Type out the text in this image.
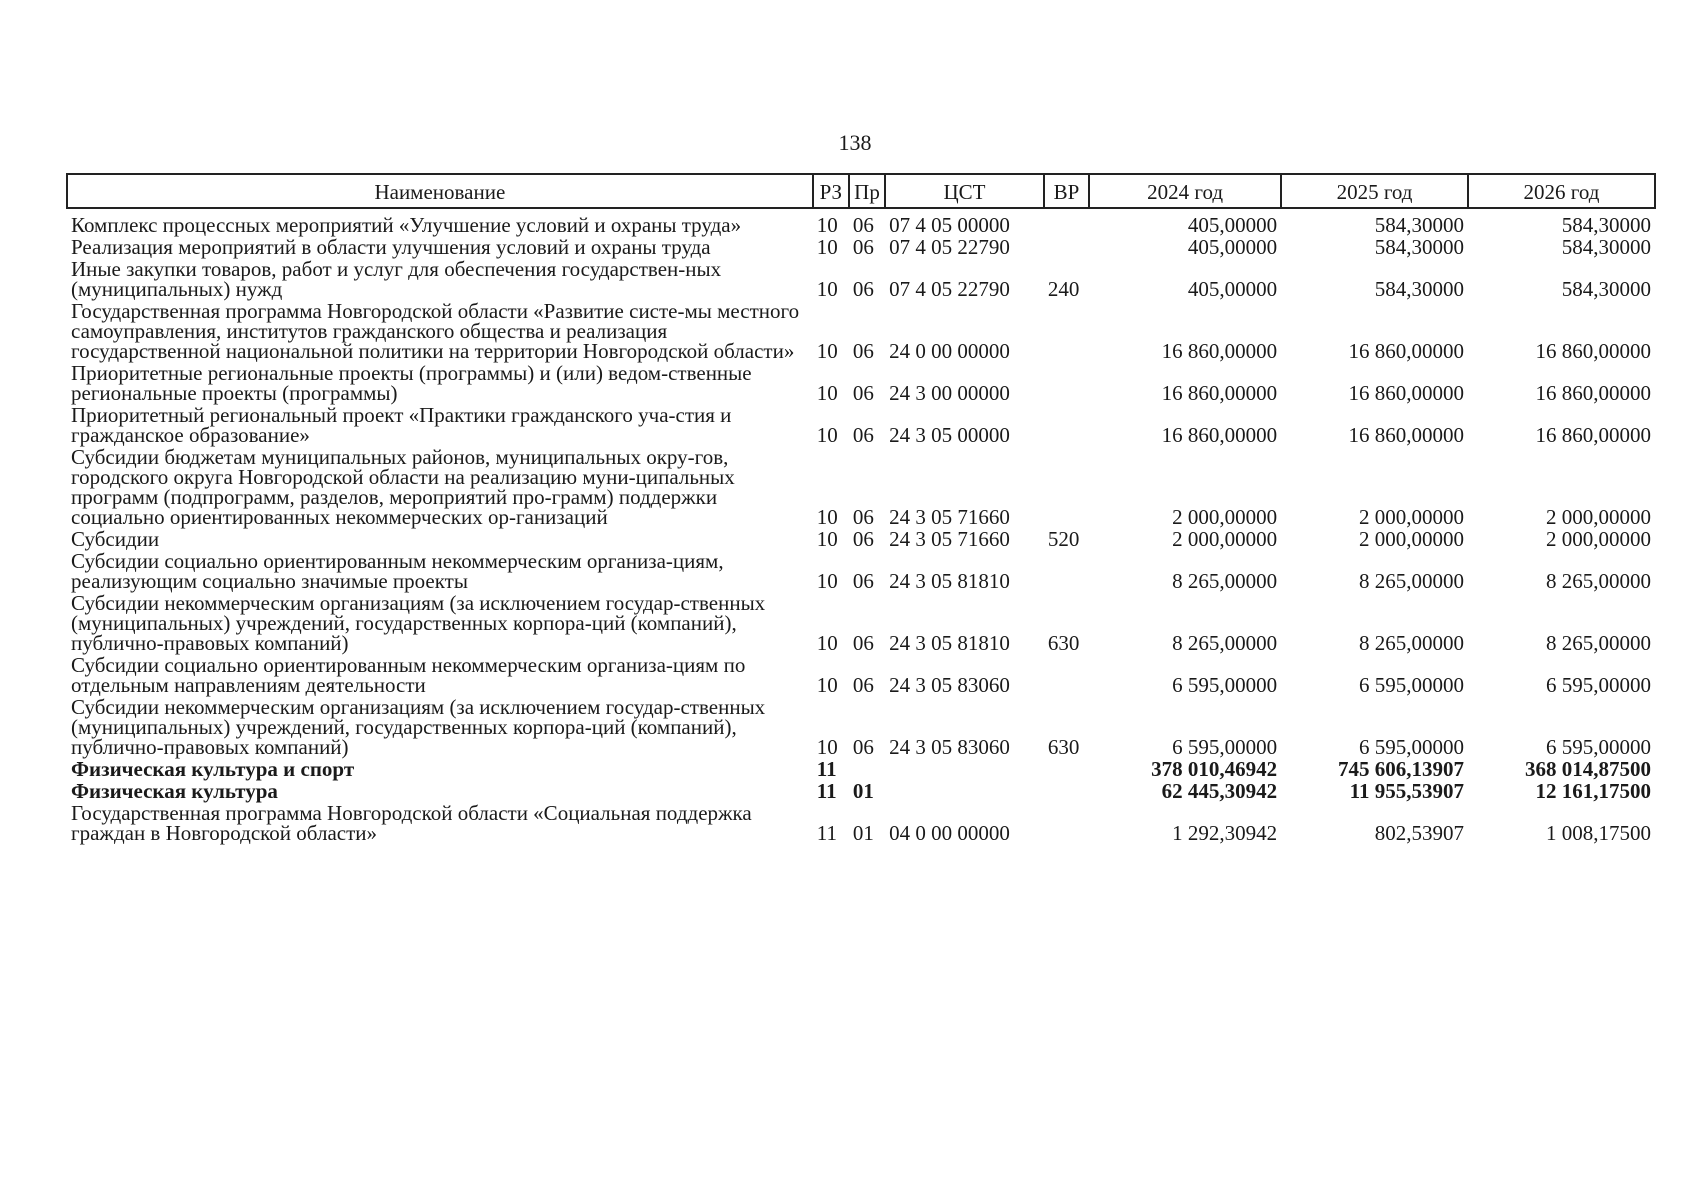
138
Наименование	РЗ	Пр	ЦСТ	ВР	2024 год	2025 год	2026 год
Комплекс процессных мероприятий «Улучшение условий и охраны труда»	10	06	07 4 05 00000		405,00000	584,30000	584,30000
Реализация мероприятий в области улучшения условий и охраны труда	10	06	07 4 05 22790		405,00000	584,30000	584,30000
Иные закупки товаров, работ и услуг для обеспечения государствен-ных (муниципальных) нужд	10	06	07 4 05 22790	240	405,00000	584,30000	584,30000
Государственная программа Новгородской области «Развитие систе-мы местного самоуправления, институтов гражданского общества и реализация государственной национальной политики на территории Новгородской области»	10	06	24 0 00 00000		16 860,00000	16 860,00000	16 860,00000
Приоритетные региональные проекты (программы) и (или) ведом-ственные региональные проекты (программы)	10	06	24 3 00 00000		16 860,00000	16 860,00000	16 860,00000
Приоритетный региональный проект «Практики гражданского уча-стия и гражданское образование»	10	06	24 3 05 00000		16 860,00000	16 860,00000	16 860,00000
Субсидии бюджетам муниципальных районов, муниципальных окру-гов, городского округа Новгородской области на реализацию муни-ципальных программ (подпрограмм, разделов, мероприятий про-грамм) поддержки социально ориентированных некоммерческих ор-ганизаций	10	06	24 3 05 71660		2 000,00000	2 000,00000	2 000,00000
Субсидии	10	06	24 3 05 71660	520	2 000,00000	2 000,00000	2 000,00000
Субсидии социально ориентированным некоммерческим организа-циям, реализующим социально значимые проекты	10	06	24 3 05 81810		8 265,00000	8 265,00000	8 265,00000
Субсидии некоммерческим организациям (за исключением государ-ственных (муниципальных) учреждений, государственных корпора-ций (компаний), публично-правовых компаний)	10	06	24 3 05 81810	630	8 265,00000	8 265,00000	8 265,00000
Субсидии социально ориентированным некоммерческим организа-циям по отдельным направлениям деятельности	10	06	24 3 05 83060		6 595,00000	6 595,00000	6 595,00000
Субсидии некоммерческим организациям (за исключением государ-ственных (муниципальных) учреждений, государственных корпора-ций (компаний), публично-правовых компаний)	10	06	24 3 05 83060	630	6 595,00000	6 595,00000	6 595,00000
Физическая культура и спорт	11				378 010,46942	745 606,13907	368 014,87500
Физическая культура	11	01			62 445,30942	11 955,53907	12 161,17500
Государственная программа Новгородской области «Социальная поддержка граждан в Новгородской области»	11	01	04 0 00 00000		1 292,30942	802,53907	1 008,17500
